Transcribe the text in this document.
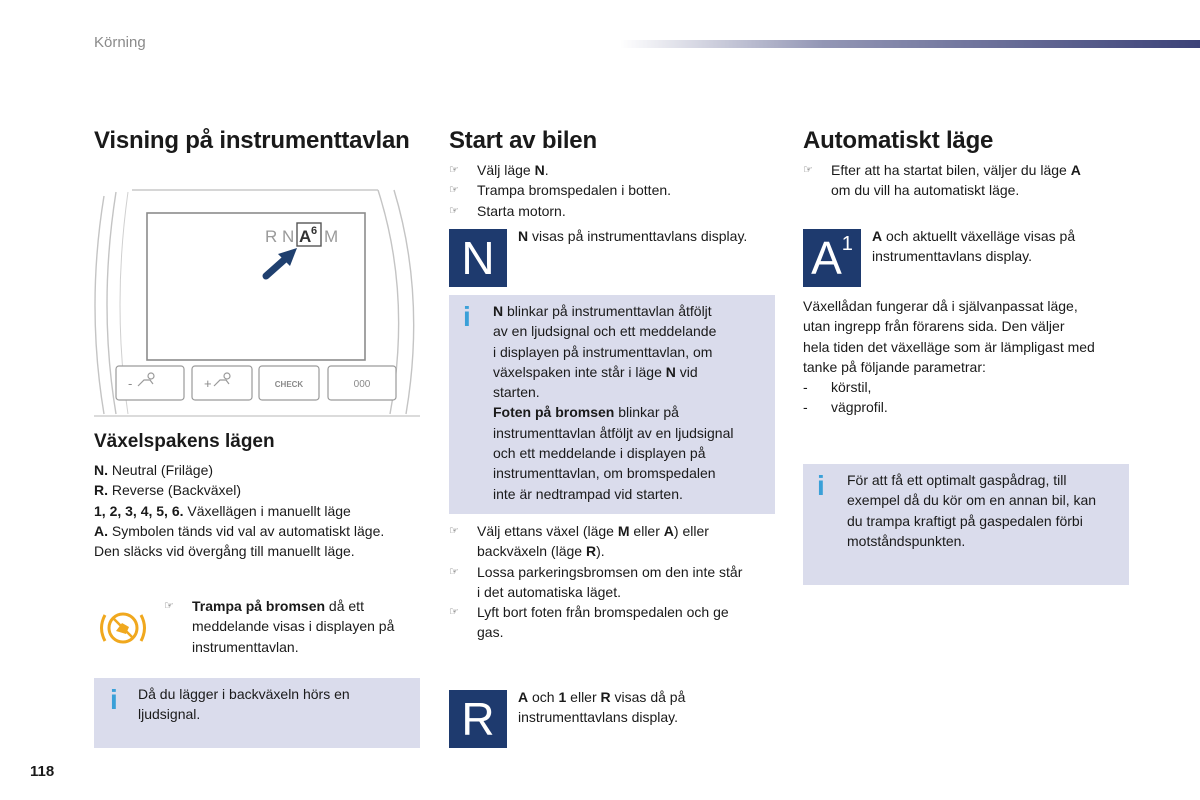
Körning
118
Visning på instrumenttavlan
R N A 6 M
-	+	CHECK	000
Växelspakens lägen
N. Neutral (Friläge)
R. Reverse (Backväxel)
1, 2, 3, 4, 5, 6. Växellägen i manuellt läge
A. Symbolen tänds vid val av automatiskt läge.
Den släcks vid övergång till manuellt läge.
☞ Trampa på bromsen då ett
meddelande visas i displayen på
instrumenttavlan.
i Då du lägger i backväxeln hörs en
ljudsignal.
Start av bilen
☞ Välj läge N.
☞ Trampa bromspedalen i botten.
☞ Starta motorn.
N N visas på instrumenttavlans display.
i N blinkar på instrumenttavlan åtföljt
av en ljudsignal och ett meddelande
i displayen på instrumenttavlan, om
växelspaken inte står i läge N vid
starten.
Foten på bromsen blinkar på
instrumenttavlan åtföljt av en ljudsignal
och ett meddelande i displayen på
instrumenttavlan, om bromspedalen
inte är nedtrampad vid starten.
☞ Välj ettans växel (läge M eller A) eller
backväxeln (läge R).
☞ Lossa parkeringsbromsen om den inte står
i det automatiska läget.
☞ Lyft bort foten från bromspedalen och ge
gas.
R A och 1 eller R visas då på
instrumenttavlans display.
Automatiskt läge
☞ Efter att ha startat bilen, väljer du läge A
om du vill ha automatiskt läge.
$A^1$ A och aktuellt växelläge visas på
instrumenttavlans display.
Växellådan fungerar då i självanpassat läge,
utan ingrepp från förarens sida. Den väljer
hela tiden det växelläge som är lämpligast med
tanke på följande parametrar:
- körstil,
- vägprofil.
i För att få ett optimalt gaspådrag, till
exempel då du kör om en annan bil, kan
du trampa kraftigt på gaspedalen förbi
motståndspunkten.
